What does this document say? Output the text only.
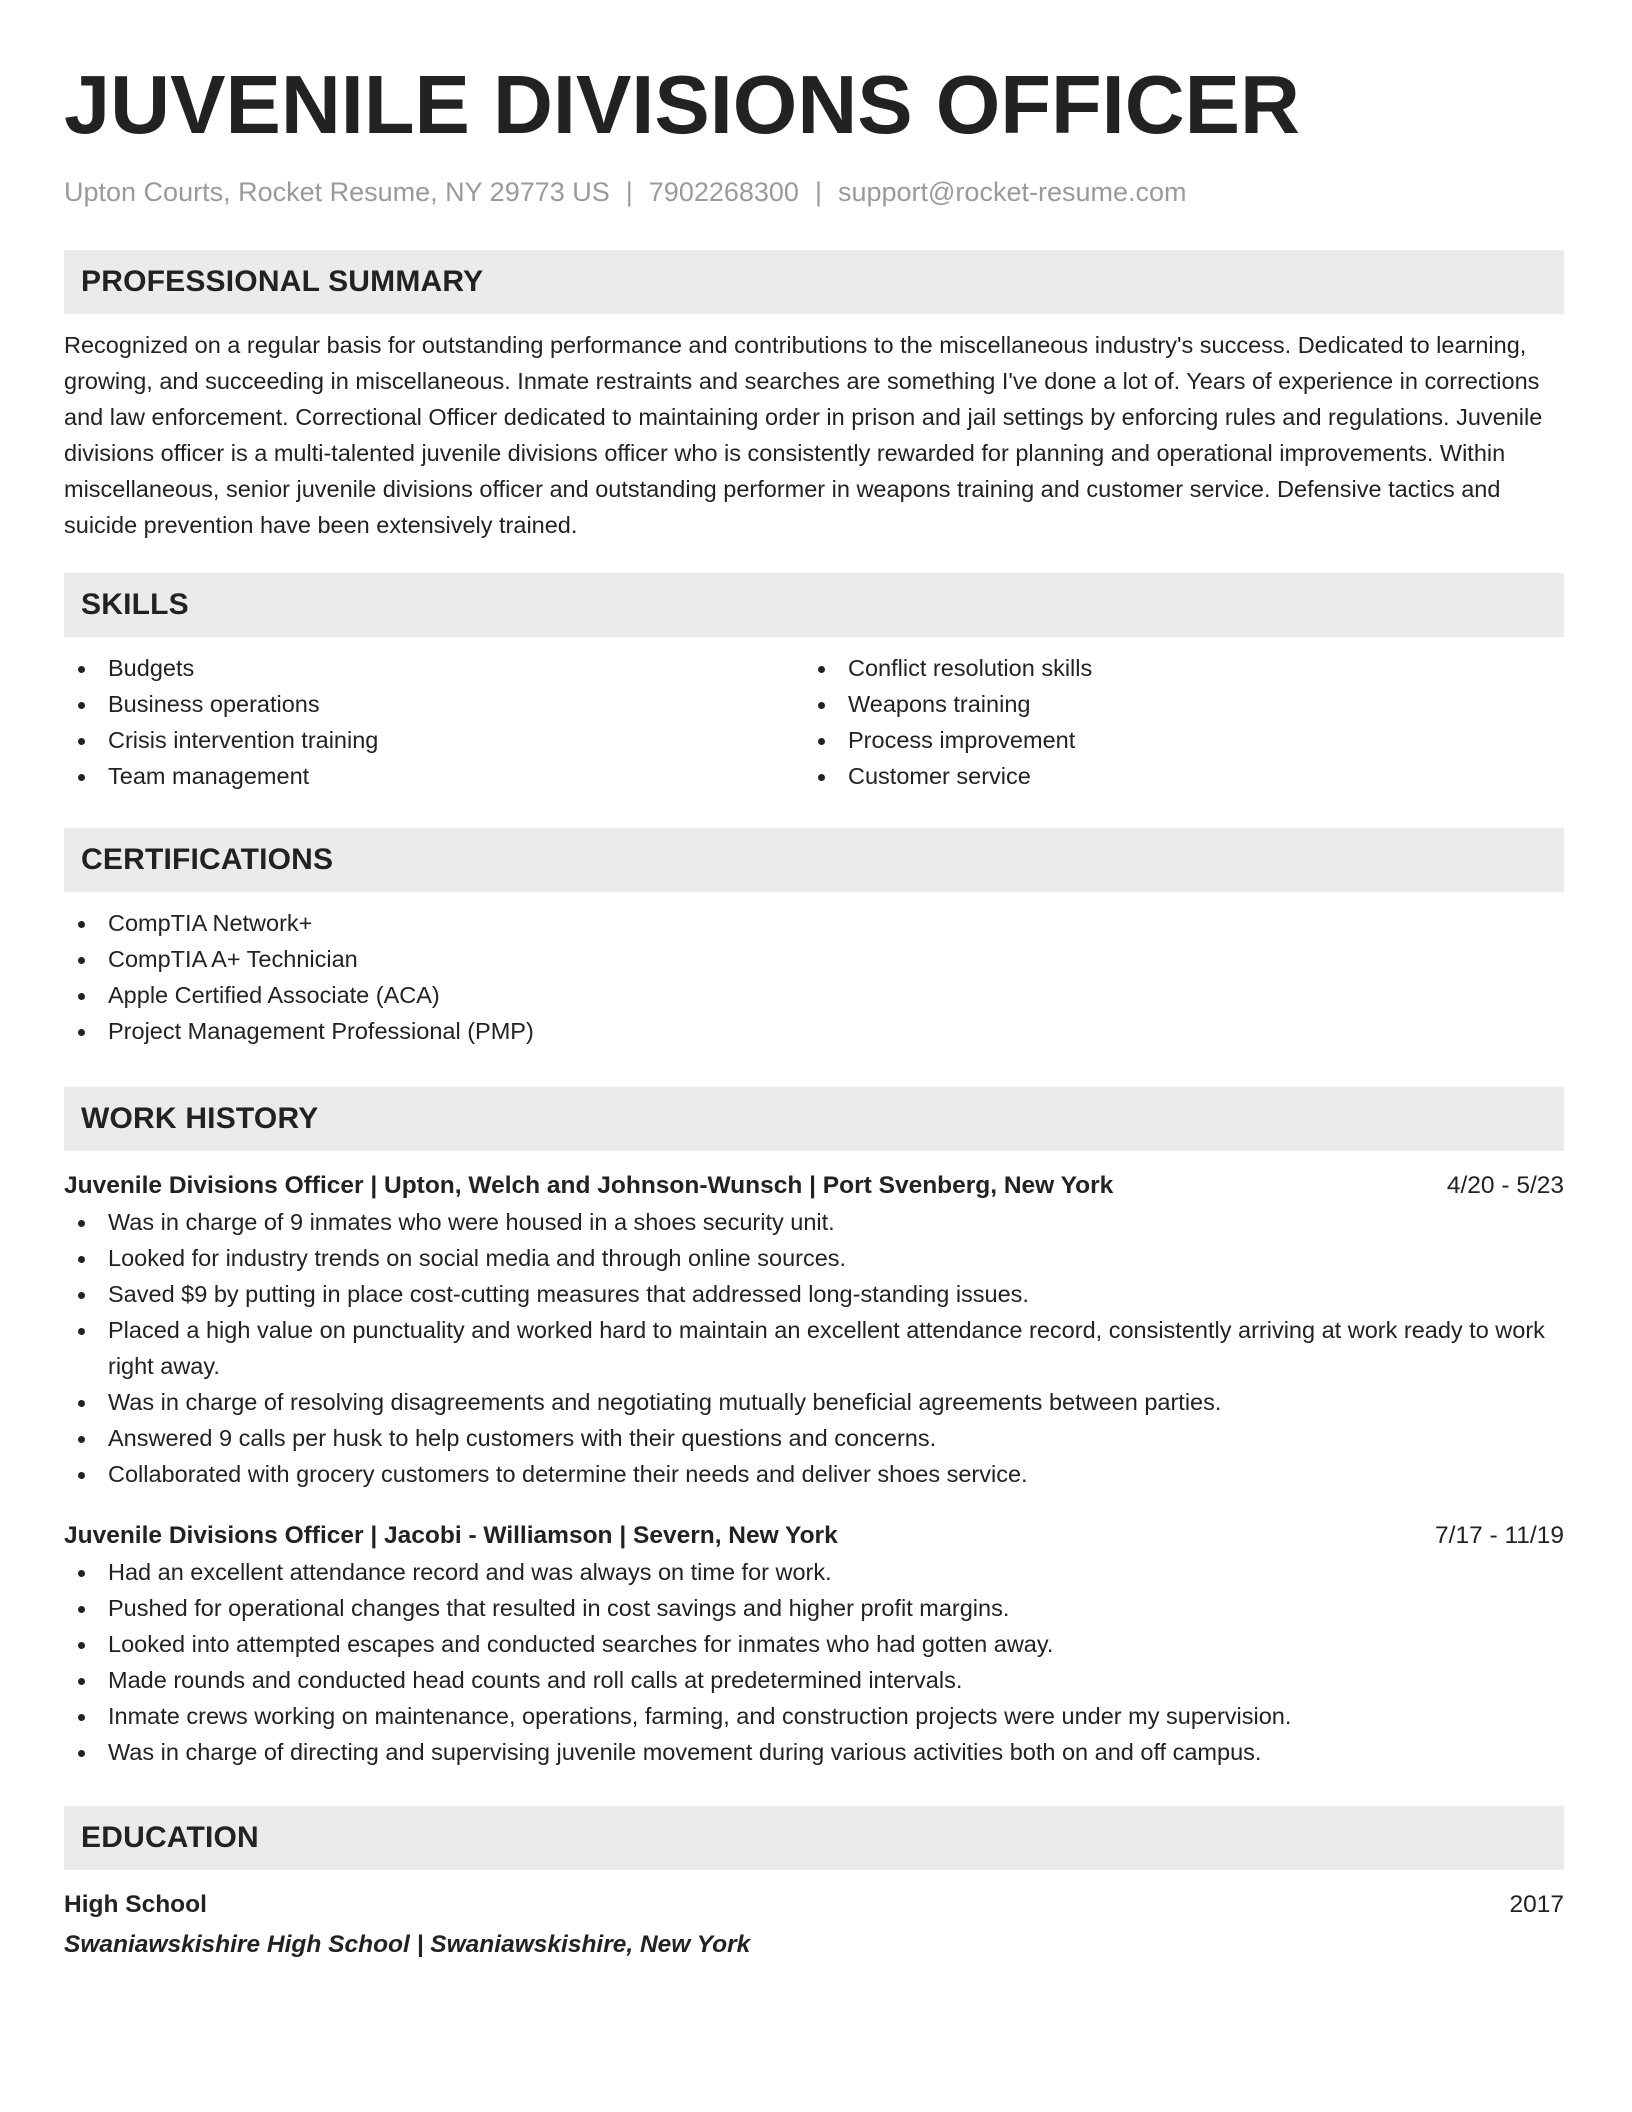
JUVENILE DIVISIONS OFFICER
Upton Courts, Rocket Resume, NY 29773 US | 7902268300 | support@rocket-resume.com
PROFESSIONAL SUMMARY
Recognized on a regular basis for outstanding performance and contributions to the miscellaneous industry's success. Dedicated to learning, growing, and succeeding in miscellaneous. Inmate restraints and searches are something I've done a lot of. Years of experience in corrections and law enforcement. Correctional Officer dedicated to maintaining order in prison and jail settings by enforcing rules and regulations. Juvenile divisions officer is a multi-talented juvenile divisions officer who is consistently rewarded for planning and operational improvements. Within miscellaneous, senior juvenile divisions officer and outstanding performer in weapons training and customer service. Defensive tactics and suicide prevention have been extensively trained.
SKILLS
Budgets
Business operations
Crisis intervention training
Team management
Conflict resolution skills
Weapons training
Process improvement
Customer service
CERTIFICATIONS
CompTIA Network+
CompTIA A+ Technician
Apple Certified Associate (ACA)
Project Management Professional (PMP)
WORK HISTORY
Juvenile Divisions Officer | Upton, Welch and Johnson-Wunsch | Port Svenberg, New York	4/20 - 5/23
Was in charge of 9 inmates who were housed in a shoes security unit.
Looked for industry trends on social media and through online sources.
Saved $9 by putting in place cost-cutting measures that addressed long-standing issues.
Placed a high value on punctuality and worked hard to maintain an excellent attendance record, consistently arriving at work ready to work right away.
Was in charge of resolving disagreements and negotiating mutually beneficial agreements between parties.
Answered 9 calls per husk to help customers with their questions and concerns.
Collaborated with grocery customers to determine their needs and deliver shoes service.
Juvenile Divisions Officer | Jacobi - Williamson | Severn, New York	7/17 - 11/19
Had an excellent attendance record and was always on time for work.
Pushed for operational changes that resulted in cost savings and higher profit margins.
Looked into attempted escapes and conducted searches for inmates who had gotten away.
Made rounds and conducted head counts and roll calls at predetermined intervals.
Inmate crews working on maintenance, operations, farming, and construction projects were under my supervision.
Was in charge of directing and supervising juvenile movement during various activities both on and off campus.
EDUCATION
High School	2017
Swaniawskishire High School | Swaniawskishire, New York
